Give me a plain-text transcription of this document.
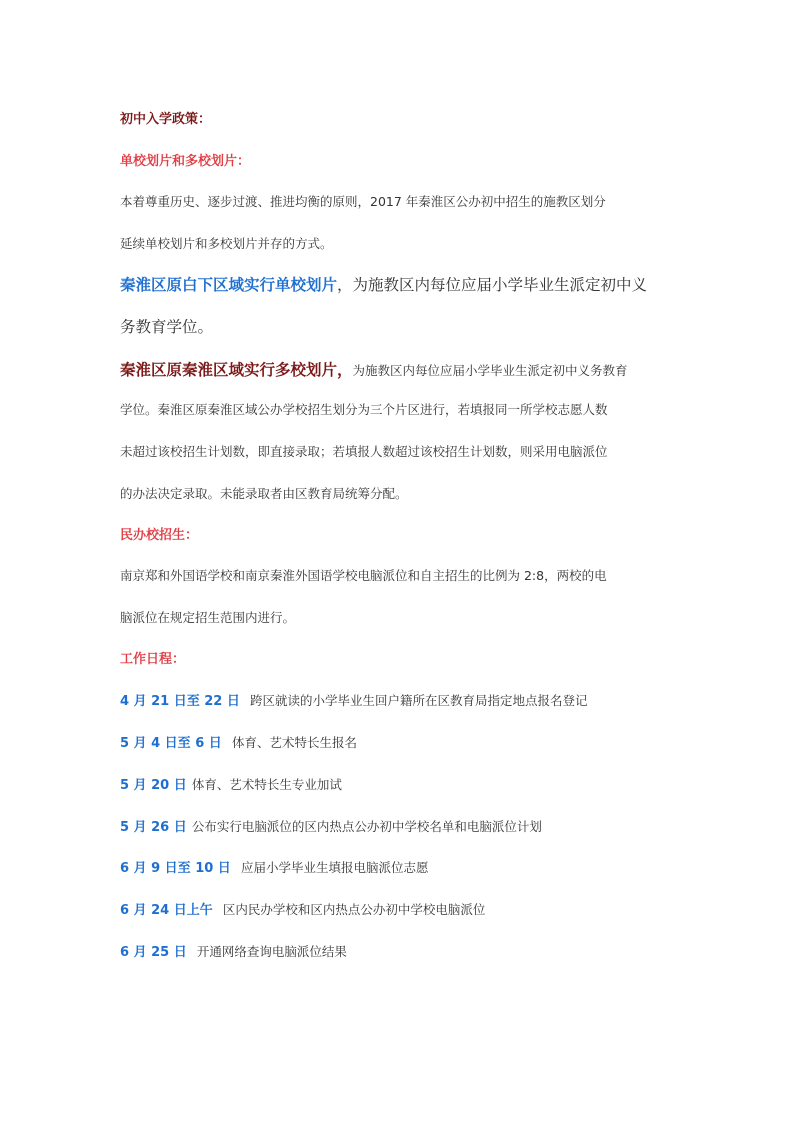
初中入学政策：
单校划片和多校划片：
本着尊重历史、逐步过渡、推进均衡的原则，2017 年秦淮区公办初中招生的施教区划分
延续单校划片和多校划片并存的方式。
秦淮区原白下区域实行单校划片，为施教区内每位应届小学毕业生派定初中义
务教育学位。
秦淮区原秦淮区域实行多校划片，为施教区内每位应届小学毕业生派定初中义务教育
学位。秦淮区原秦淮区域公办学校招生划分为三个片区进行，若填报同一所学校志愿人数
未超过该校招生计划数，即直接录取；若填报人数超过该校招生计划数，则采用电脑派位
的办法决定录取。未能录取者由区教育局统筹分配。
民办校招生：
南京郑和外国语学校和南京秦淮外国语学校电脑派位和自主招生的比例为 2:8，两校的电
脑派位在规定招生范围内进行。
工作日程：
4 月 21 日至 22 日 跨区就读的小学毕业生回户籍所在区教育局指定地点报名登记
5 月 4 日至 6 日 体育、艺术特长生报名
5 月 20 日 体育、艺术特长生专业加试
5 月 26 日 公布实行电脑派位的区内热点公办初中学校名单和电脑派位计划
6 月 9 日至 10 日 应届小学毕业生填报电脑派位志愿
6 月 24 日上午 区内民办学校和区内热点公办初中学校电脑派位
6 月 25 日 开通网络查询电脑派位结果
